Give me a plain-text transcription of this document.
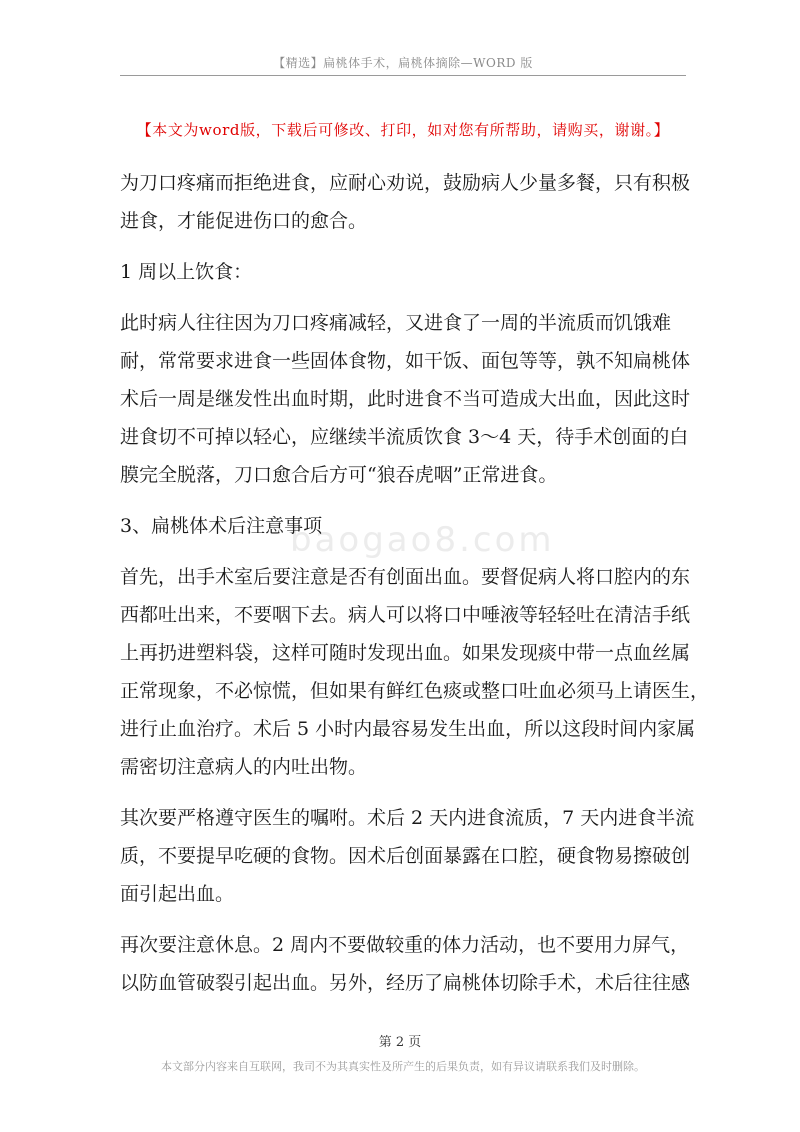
【精选】扁桃体手术，扁桃体摘除—WORD 版
【本文为word版，下载后可修改、打印，如对您有所帮助，请购买，谢谢。】
baogao8.com
为刀口疼痛而拒绝进食，应耐心劝说，鼓励病人少量多餐，只有积极
进食，才能促进伤口的愈合。
1 周以上饮食：
此时病人往往因为刀口疼痛减轻，又进食了一周的半流质而饥饿难
耐，常常要求进食一些固体食物，如干饭、面包等等，孰不知扁桃体
术后一周是继发性出血时期，此时进食不当可造成大出血，因此这时
进食切不可掉以轻心，应继续半流质饮食 3～4 天，待手术创面的白
膜完全脱落，刀口愈合后方可“狼吞虎咽”正常进食。
3、扁桃体术后注意事项
首先，出手术室后要注意是否有创面出血。要督促病人将口腔内的东
西都吐出来，不要咽下去。病人可以将口中唾液等轻轻吐在清洁手纸
上再扔进塑料袋，这样可随时发现出血。如果发现痰中带一点血丝属
正常现象，不必惊慌，但如果有鲜红色痰或整口吐血必须马上请医生，
进行止血治疗。术后 5 小时内最容易发生出血，所以这段时间内家属
需密切注意病人的内吐出物。
其次要严格遵守医生的嘱咐。术后 2 天内进食流质，7 天内进食半流
质，不要提早吃硬的食物。因术后创面暴露在口腔，硬食物易擦破创
面引起出血。
再次要注意休息。2 周内不要做较重的体力活动，也不要用力屏气，
以防血管破裂引起出血。另外，经历了扁桃体切除手术，术后往往感
第 2 页
本文部分内容来自互联网，我司不为其真实性及所产生的后果负责，如有异议请联系我们及时删除。
